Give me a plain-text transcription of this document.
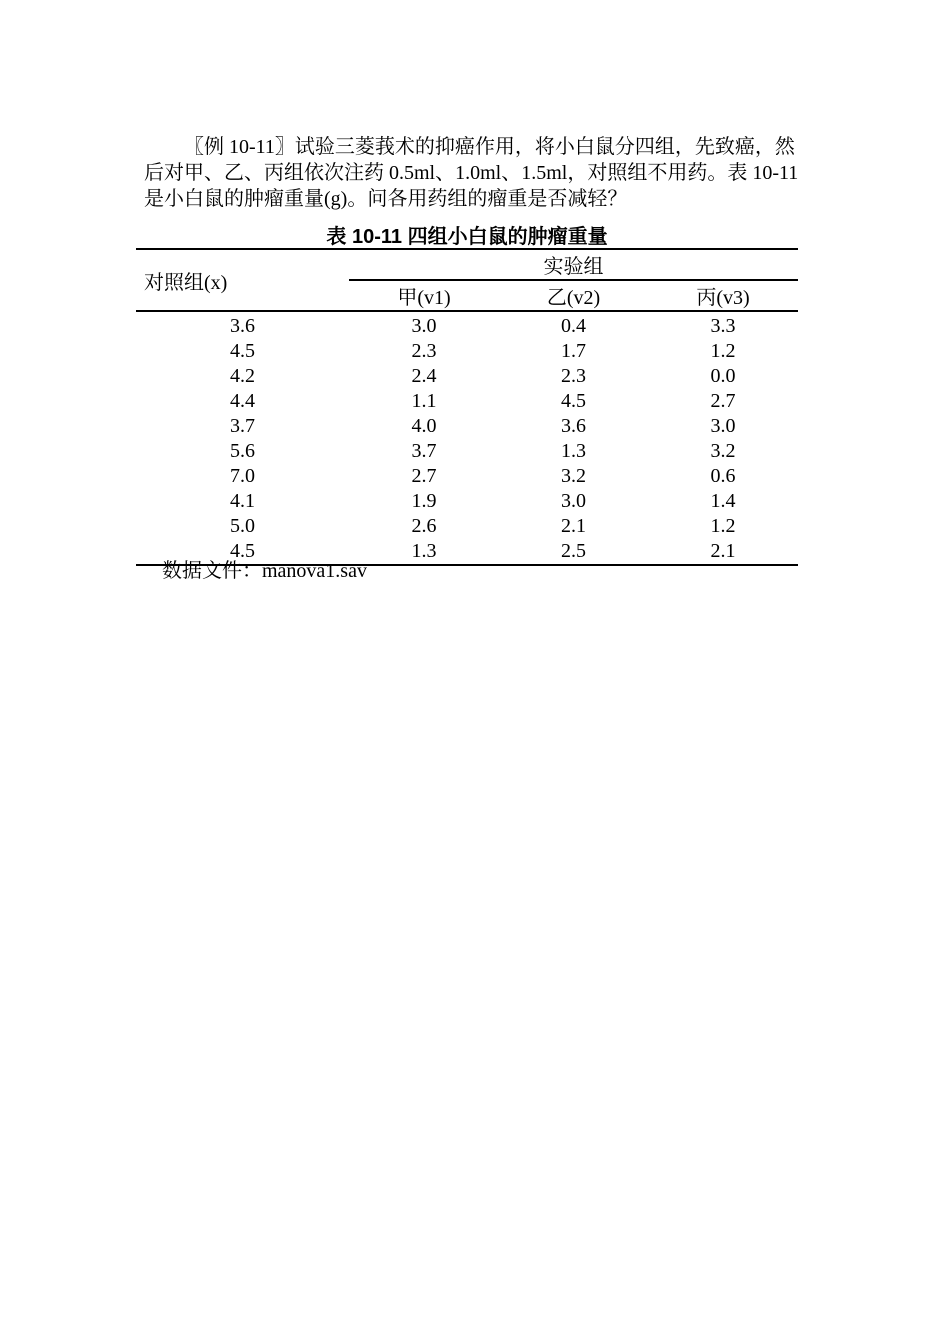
〖例 10-11〗试验三菱莪术的抑癌作用，将小白鼠分四组，先致癌，然后对甲、乙、丙组依次注药 0.5ml、1.0ml、1.5ml，对照组不用药。表 10-11 是小白鼠的肿瘤重量(g)。问各用药组的瘤重是否减轻？

表 10-11 四组小白鼠的肿瘤重量
对照组(x)	实验组		
	甲(v1)	乙(v2)	丙(v3)
3.6	3.0	0.4	3.3
4.5	2.3	1.7	1.2
4.2	2.4	2.3	0.0
4.4	1.1	4.5	2.7
3.7	4.0	3.6	3.0
5.6	3.7	1.3	3.2
7.0	2.7	3.2	0.6
4.1	1.9	3.0	1.4
5.0	2.6	2.1	1.2
4.5	1.3	2.5	2.1
数据文件：manova1.sav
